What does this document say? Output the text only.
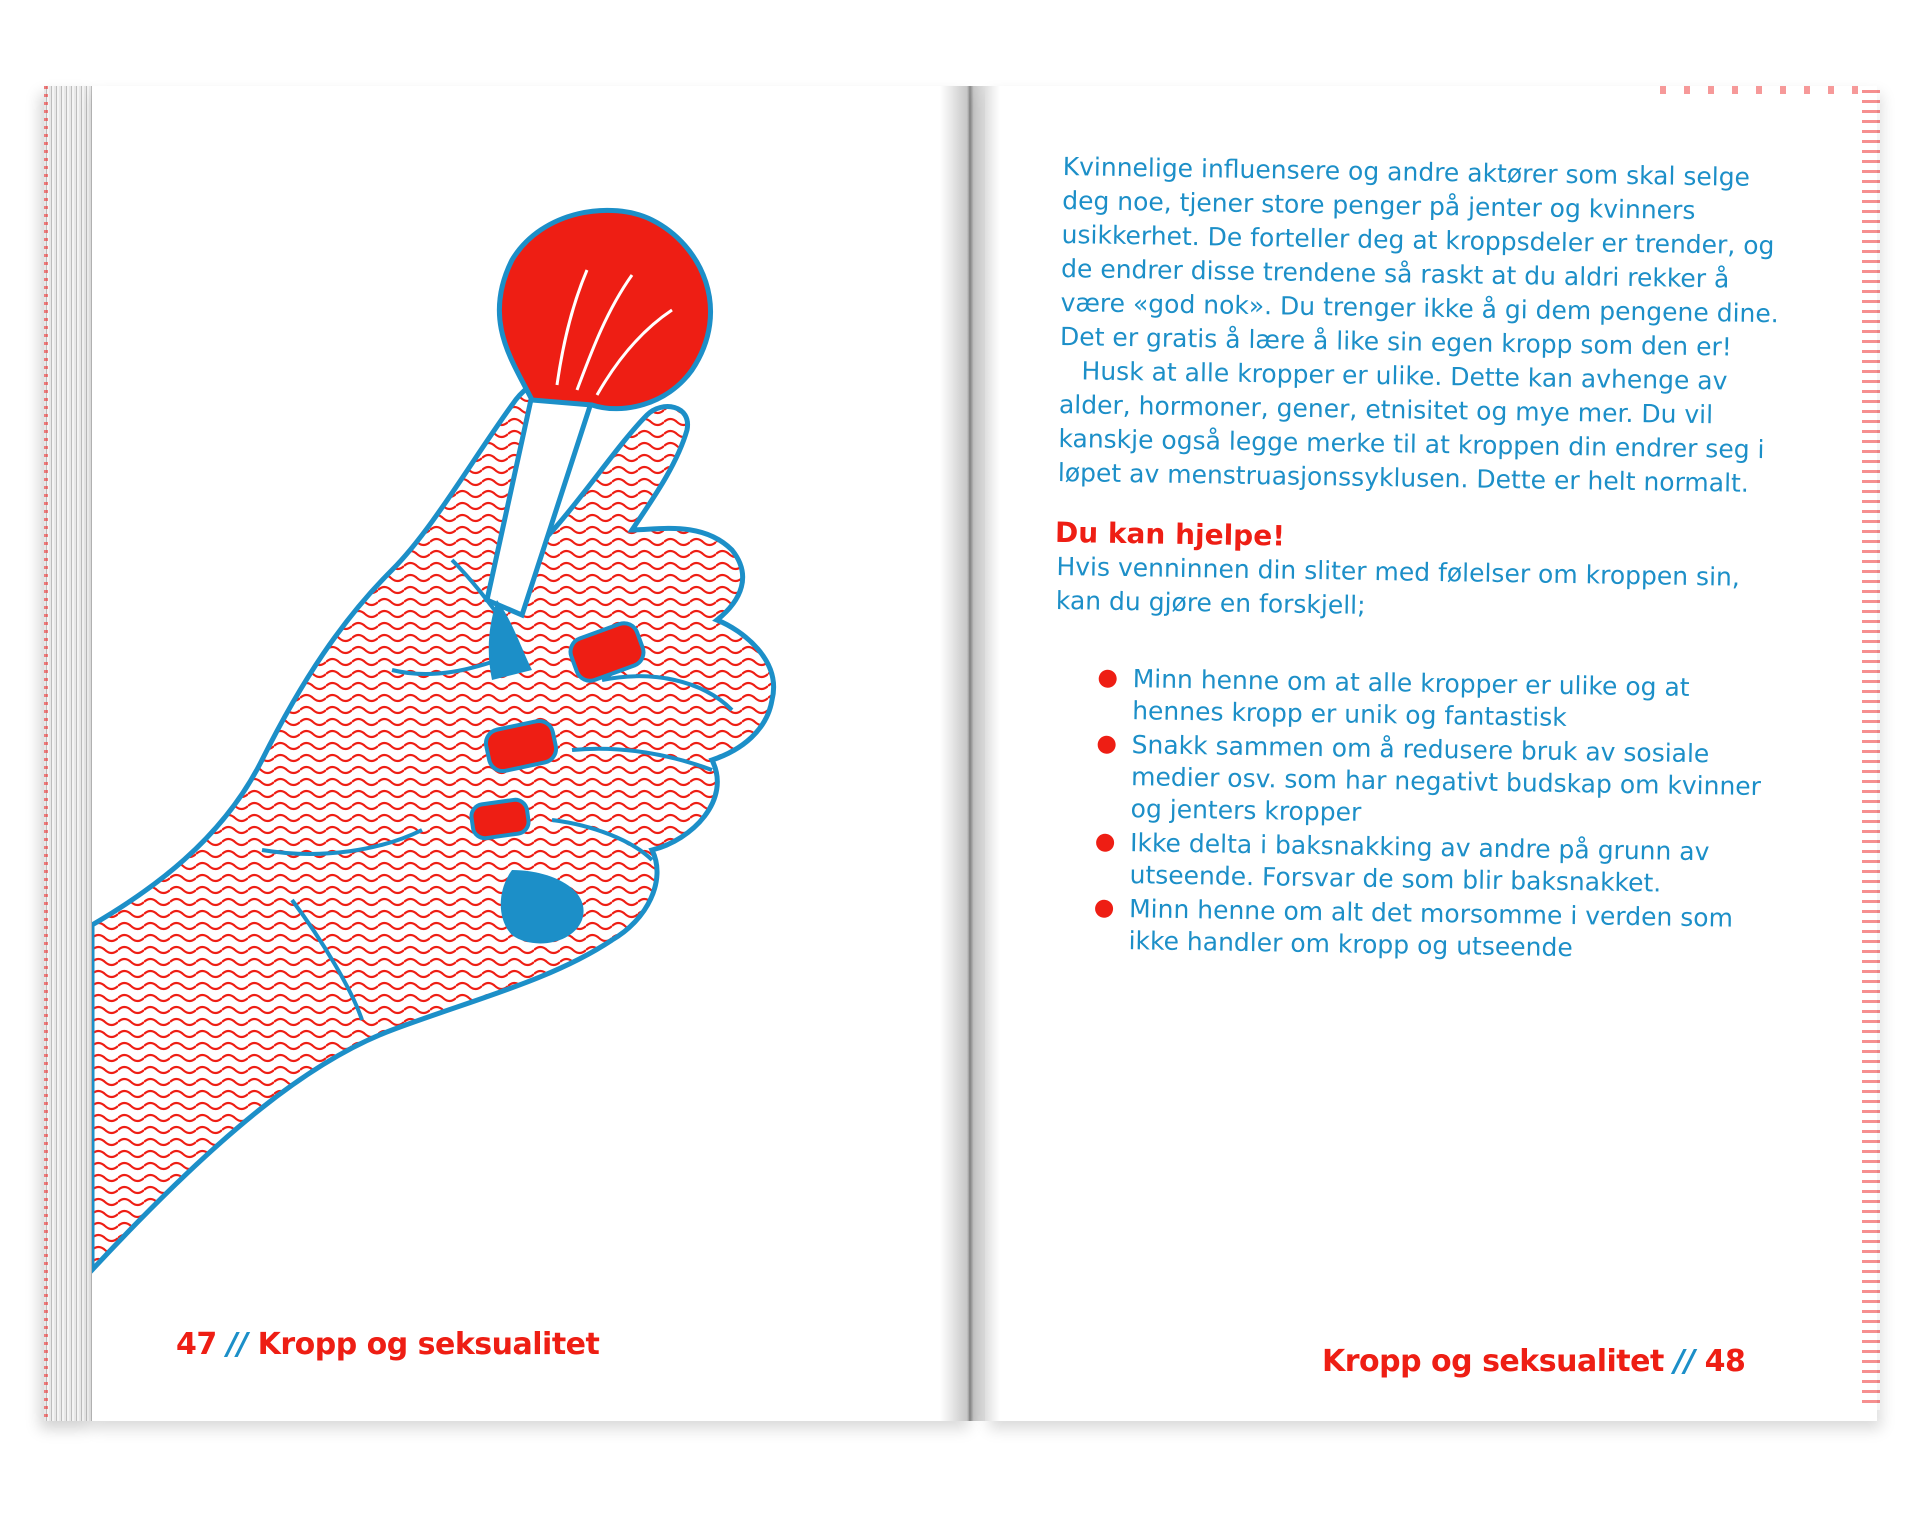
47 // Kropp og seksualitet

Kvinnelige influensere og andre aktører som skal selge deg noe, tjener store penger på jenter og kvinners usikkerhet. De forteller deg at kroppsdeler er trender, og de endrer disse trendene så raskt at du aldri rekker å være «god nok». Du trenger ikke å gi dem pengene dine. Det er gratis å lære å like sin egen kropp som den er!

Husk at alle kropper er ulike. Dette kan avhenge av alder, hormoner, gener, etnisitet og mye mer. Du vil kanskje også legge merke til at kroppen din endrer seg i løpet av menstruasjonssyklusen. Dette er helt normalt.

Du kan hjelpe!

Hvis venninnen din sliter med følelser om kroppen sin, kan du gjøre en forskjell;

Minn henne om at alle kropper er ulike og at hennes kropp er unik og fantastisk
Snakk sammen om å redusere bruk av sosiale medier osv. som har negativt budskap om kvinner og jenters kropper
Ikke delta i baksnakking av andre på grunn av utseende. Forsvar de som blir baksnakket.
Minn henne om alt det morsomme i verden som ikke handler om kropp og utseende
Kropp og seksualitet // 48
